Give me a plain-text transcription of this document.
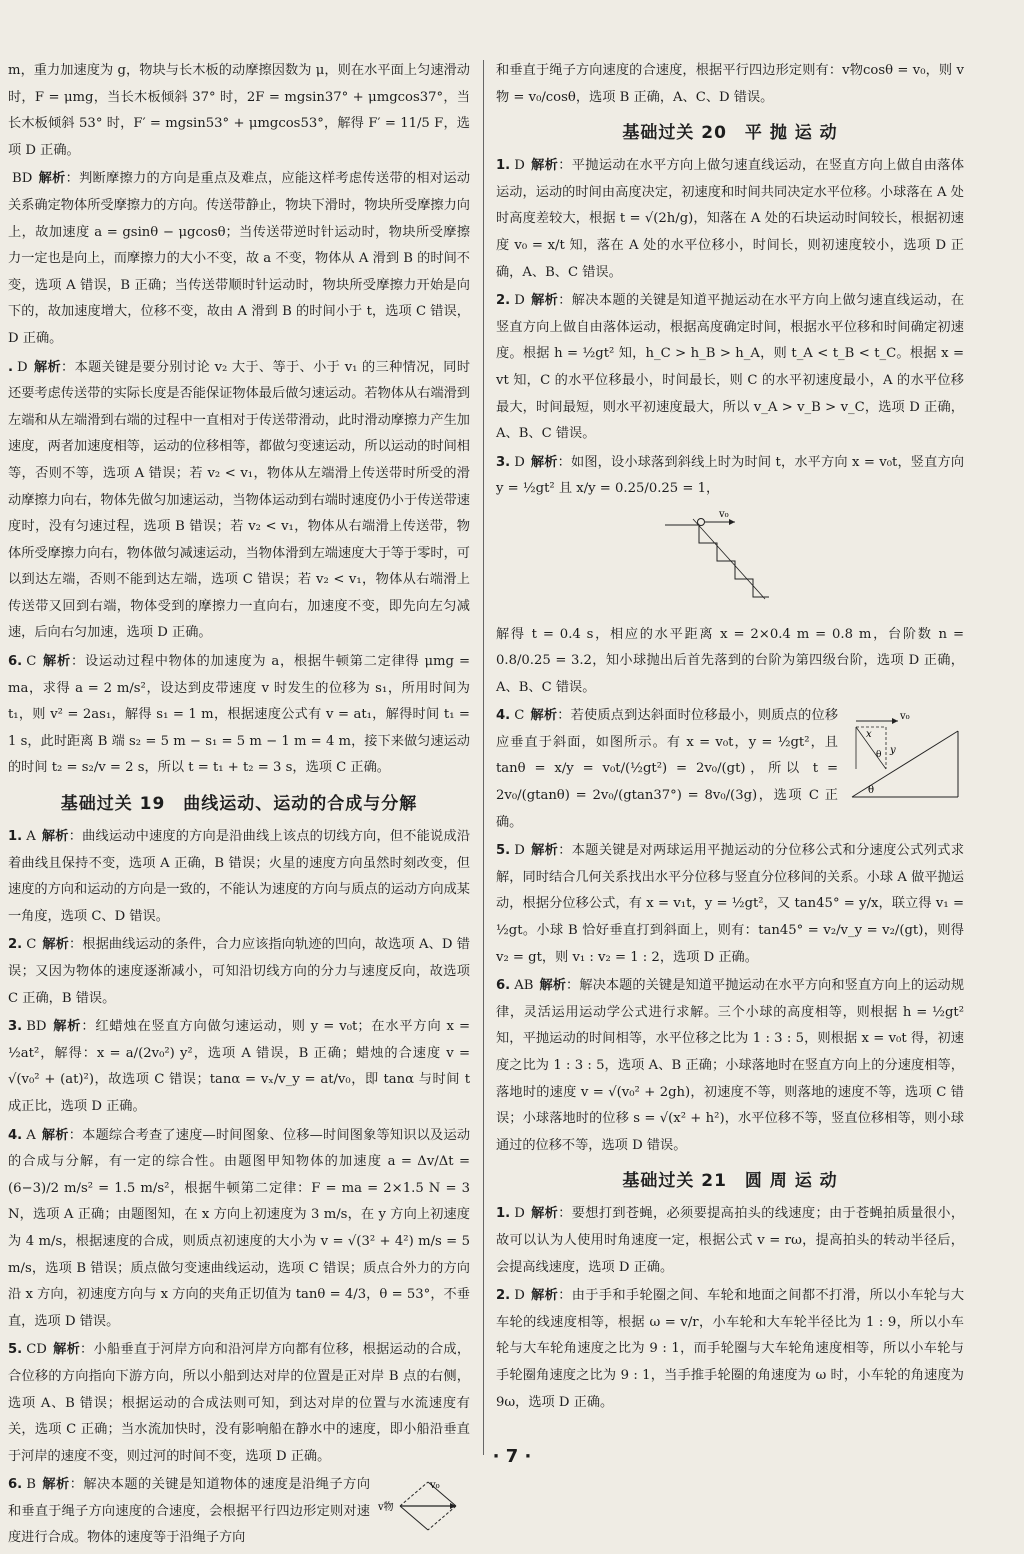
m，重力加速度为 g，物块与长木板的动摩擦因数为 μ，则在水平面上匀速滑动时，F = μmg，当长木板倾斜 37° 时，2F = mgsin37° + μmgcos37°，当长木板倾斜 53° 时，F′ = mgsin53° + μmgcos53°，解得 F′ = 11/5 F，选项 D 正确。

BD 解析：判断摩擦力的方向是重点及难点，应能这样考虑传送带的相对运动关系确定物体所受摩擦力的方向。传送带静止，物块下滑时，物块所受摩擦力向上，故加速度 a = gsinθ − μgcosθ；当传送带逆时针运动时，物块所受摩擦力一定也是向上，而摩擦力的大小不变，故 a 不变，物体从 A 滑到 B 的时间不变，选项 A 错误，B 正确；当传送带顺时针运动时，物块所受摩擦力开始是向下的，故加速度增大，位移不变，故由 A 滑到 B 的时间小于 t，选项 C 错误，D 正确。
. D 解析：本题关键是要分别讨论 v₂ 大于、等于、小于 v₁ 的三种情况，同时还要考虑传送带的实际长度是否能保证物体最后做匀速运动。若物体从右端滑到左端和从左端滑到右端的过程中一直相对于传送带滑动，此时滑动摩擦力产生加速度，两者加速度相等，运动的位移相等，都做匀变速运动，所以运动的时间相等，否则不等，选项 A 错误；若 v₂ < v₁，物体从左端滑上传送带时所受的滑动摩擦力向右，物体先做匀加速运动，当物体运动到右端时速度仍小于传送带速度时，没有匀速过程，选项 B 错误；若 v₂ < v₁，物体从右端滑上传送带，物体所受摩擦力向右，物体做匀减速运动，当物体滑到左端速度大于等于零时，可以到达左端，否则不能到达左端，选项 C 错误；若 v₂ < v₁，物体从右端滑上传送带又回到右端，物体受到的摩擦力一直向右，加速度不变，即先向左匀减速，后向右匀加速，选项 D 正确。
6. C 解析：设运动过程中物体的加速度为 a，根据牛顿第二定律得 μmg = ma，求得 a = 2 m/s²，设达到皮带速度 v 时发生的位移为 s₁，所用时间为 t₁，则 v² = 2as₁，解得 s₁ = 1 m，根据速度公式有 v = at₁，解得时间 t₁ = 1 s，此时距离 B 端 s₂ = 5 m − s₁ = 5 m − 1 m = 4 m，接下来做匀速运动的时间 t₂ = s₂/v = 2 s，所以 t = t₁ + t₂ = 3 s，选项 C 正确。
基础过关 19　曲线运动、运动的合成与分解
1. A 解析：曲线运动中速度的方向是沿曲线上该点的切线方向，但不能说成沿着曲线且保持不变，选项 A 正确，B 错误；火星的速度方向虽然时刻改变，但速度的方向和运动的方向是一致的，不能认为速度的方向与质点的运动方向成某一角度，选项 C、D 错误。
2. C 解析：根据曲线运动的条件，合力应该指向轨迹的凹向，故选项 A、D 错误；又因为物体的速度逐渐减小，可知沿切线方向的分力与速度反向，故选项 C 正确，B 错误。
3. BD 解析：红蜡烛在竖直方向做匀速运动，则 y = v₀t；在水平方向 x = ½at²，解得：x = a/(2v₀²) y²，选项 A 错误，B 正确；蜡烛的合速度 v = √(v₀² + (at)²)，故选项 C 错误；tanα = vₓ/v_y = at/v₀，即 tanα 与时间 t 成正比，选项 D 正确。
4. A 解析：本题综合考查了速度—时间图象、位移—时间图象等知识以及运动的合成与分解，有一定的综合性。由题图甲知物体的加速度 a = Δv/Δt = (6−3)/2 m/s² = 1.5 m/s²，根据牛顿第二定律：F = ma = 2×1.5 N = 3 N，选项 A 正确；由题图知，在 x 方向上初速度为 3 m/s，在 y 方向上初速度为 4 m/s，根据速度的合成，则质点初速度的大小为 v = √(3² + 4²) m/s = 5 m/s，选项 B 错误；质点做匀变速曲线运动，选项 C 错误；质点合外力的方向沿 x 方向，初速度方向与 x 方向的夹角正切值为 tanθ = 4/3，θ = 53°，不垂直，选项 D 错误。
5. CD 解析：小船垂直于河岸方向和沿河岸方向都有位移，根据运动的合成，合位移的方向指向下游方向，所以小船到达对岸的位置是正对岸 B 点的右侧，选项 A、B 错误；根据运动的合成法则可知，到达对岸的位置与水流速度有关，选项 C 正确；当水流加快时，没有影响船在静水中的速度，即小船沿垂直于河岸的速度不变，则过河的时间不变，选项 D 正确。
v₀
v物
6. B 解析：解决本题的关键是知道物体的速度是沿绳子方向和垂直于绳子方向速度的合速度，会根据平行四边形定则对速度进行合成。物体的速度等于沿绳子方向

和垂直于绳子方向速度的合速度，根据平行四边形定则有：v物cosθ = v₀，则 v物 = v₀/cosθ，选项 B 正确，A、C、D 错误。

基础过关 20　平 抛 运 动
1. D 解析：平抛运动在水平方向上做匀速直线运动，在竖直方向上做自由落体运动，运动的时间由高度决定，初速度和时间共同决定水平位移。小球落在 A 处时高度差较大，根据 t = √(2h/g)，知落在 A 处的石块运动时间较长，根据初速度 v₀ = x/t 知，落在 A 处的水平位移小，时间长，则初速度较小，选项 D 正确，A、B、C 错误。
2. D 解析：解决本题的关键是知道平抛运动在水平方向上做匀速直线运动，在竖直方向上做自由落体运动，根据高度确定时间，根据水平位移和时间确定初速度。根据 h = ½gt² 知，h_C > h_B > h_A，则 t_A < t_B < t_C。根据 x = vt 知，C 的水平位移最小，时间最长，则 C 的水平初速度最小，A 的水平位移最大，时间最短，则水平初速度最大，所以 v_A > v_B > v_C，选项 D 正确，A、B、C 错误。
3. D 解析：如图，设小球落到斜线上时为时间 t，水平方向 x = v₀t，竖直方向 y = ½gt² 且 x/y = 0.25/0.25 = 1，
v₀
解得 t = 0.4 s，相应的水平距离 x = 2×0.4 m = 0.8 m，台阶数 n = 0.8/0.25 = 3.2，知小球抛出后首先落到的台阶为第四级台阶，选项 D 正确，A、B、C 错误。
v₀
x
y
θ
θ
4. C 解析：若使质点到达斜面时位移最小，则质点的位移应垂直于斜面，如图所示。有 x = v₀t，y = ½gt²，且 tanθ = x/y = v₀t/(½gt²) = 2v₀/(gt)，所以 t = 2v₀/(gtanθ) = 2v₀/(gtan37°) = 8v₀/(3g)，选项 C 正确。
5. D 解析：本题关键是对两球运用平抛运动的分位移公式和分速度公式列式求解，同时结合几何关系找出水平分位移与竖直分位移间的关系。小球 A 做平抛运动，根据分位移公式，有 x = v₁t，y = ½gt²，又 tan45° = y/x，联立得 v₁ = ½gt。小球 B 恰好垂直打到斜面上，则有：tan45° = v₂/v_y = v₂/(gt)，则得 v₂ = gt，则 v₁ : v₂ = 1 : 2，选项 D 正确。
6. AB 解析：解决本题的关键是知道平抛运动在水平方向和竖直方向上的运动规律，灵活运用运动学公式进行求解。三个小球的高度相等，则根据 h = ½gt² 知，平抛运动的时间相等，水平位移之比为 1 : 3 : 5，则根据 x = v₀t 得，初速度之比为 1 : 3 : 5，选项 A、B 正确；小球落地时在竖直方向上的分速度相等，落地时的速度 v = √(v₀² + 2gh)，初速度不等，则落地的速度不等，选项 C 错误；小球落地时的位移 s = √(x² + h²)，水平位移不等，竖直位移相等，则小球通过的位移不等，选项 D 错误。
基础过关 21　圆 周 运 动
1. D 解析：要想打到苍蝇，必须要提高拍头的线速度；由于苍蝇拍质量很小，故可以认为人使用时角速度一定，根据公式 v = rω，提高拍头的转动半径后，会提高线速度，选项 D 正确。
2. D 解析：由于手和手轮圈之间、车轮和地面之间都不打滑，所以小车轮与大车轮的线速度相等，根据 ω = v/r，小车轮和大车轮半径比为 1 : 9，所以小车轮与大车轮角速度之比为 9 : 1，而手轮圈与大车轮角速度相等，所以小车轮与手轮圈角速度之比为 9 : 1，当手推手轮圈的角速度为 ω 时，小车轮的角速度为 9ω，选项 D 正确。
· 7 ·
